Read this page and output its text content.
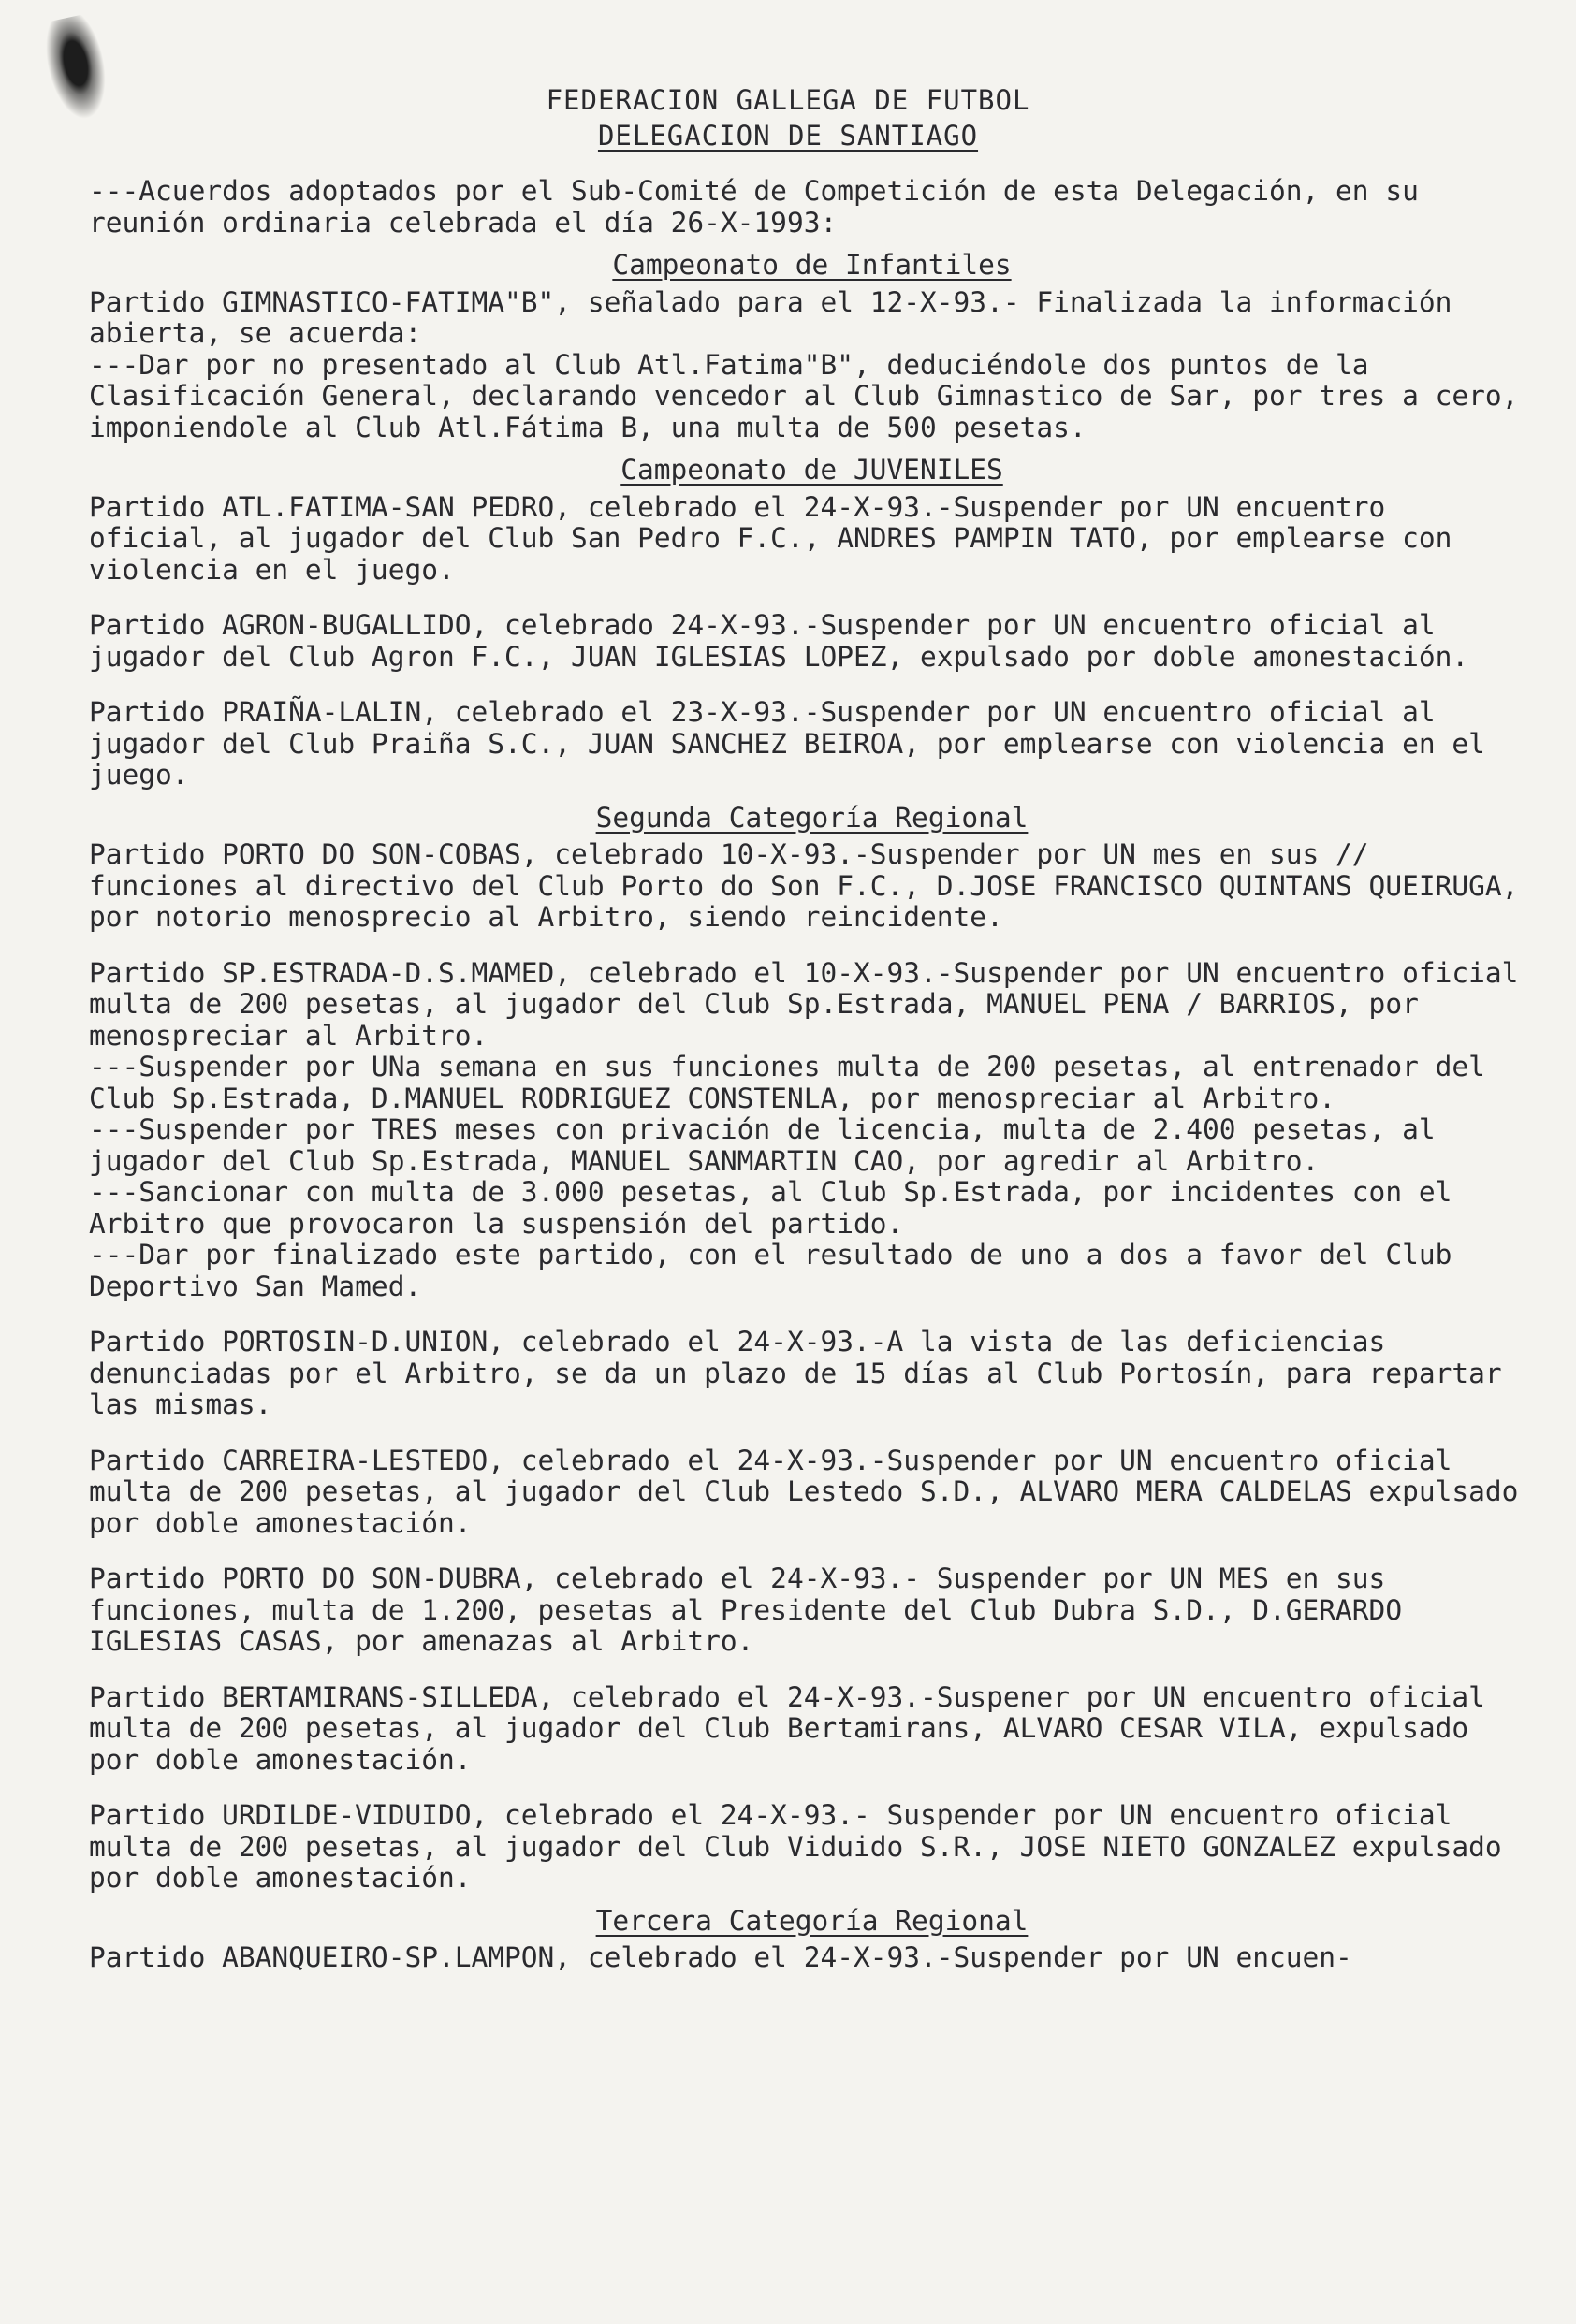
FEDERACION GALLEGA DE FUTBOL
DELEGACION DE SANTIAGO

---Acuerdos adoptados por el Sub-Comité de Competición de esta Delegación, en su reunión ordinaria celebrada el día 26-X-1993:

Campeonato de Infantiles

Partido GIMNASTICO-FATIMA"B", señalado para el 12-X-93.- Finalizada la información abierta, se acuerda:

---Dar por no presentado al Club Atl.Fatima"B", deduciéndole dos puntos de la Clasificación General, declarando vencedor al Club Gimnastico de Sar, por tres a cero, imponiendole al Club Atl.Fátima B, una multa de 500 pesetas.

Campeonato de JUVENILES

Partido ATL.FATIMA-SAN PEDRO, celebrado el 24-X-93.-Suspender por UN encuentro oficial, al jugador del Club San Pedro F.C., ANDRES PAMPIN TATO, por emplearse con violencia en el juego.

Partido AGRON-BUGALLIDO, celebrado 24-X-93.-Suspender por UN encuentro oficial al jugador del Club Agron F.C., JUAN IGLESIAS LOPEZ, expulsado por doble amonestación.

Partido PRAIÑA-LALIN, celebrado el 23-X-93.-Suspender por UN encuentro oficial al jugador del Club Praiña S.C., JUAN SANCHEZ BEIROA, por emplearse con violencia en el juego.

Segunda Categoría Regional

Partido PORTO DO SON-COBAS, celebrado 10-X-93.-Suspender por UN mes en sus // funciones al directivo del Club Porto do Son F.C., D.JOSE FRANCISCO QUINTANS QUEIRUGA, por notorio menosprecio al Arbitro, siendo reincidente.

Partido SP.ESTRADA-D.S.MAMED, celebrado el 10-X-93.-Suspender por UN encuentro oficial multa de 200 pesetas, al jugador del Club Sp.Estrada, MANUEL PENA / BARRIOS, por menospreciar al Arbitro.

---Suspender por UNa semana en sus funciones multa de 200 pesetas, al entrenador del Club Sp.Estrada, D.MANUEL RODRIGUEZ CONSTENLA, por menospreciar al Arbitro.

---Suspender por TRES meses con privación de licencia, multa de 2.400 pesetas, al jugador del Club Sp.Estrada, MANUEL SANMARTIN CAO, por agredir al Arbitro.

---Sancionar con multa de 3.000 pesetas, al Club Sp.Estrada, por incidentes con el Arbitro que provocaron la suspensión del partido.

---Dar por finalizado este partido, con el resultado de uno a dos a favor del Club Deportivo San Mamed.

Partido PORTOSIN-D.UNION, celebrado el 24-X-93.-A la vista de las deficiencias denunciadas por el Arbitro, se da un plazo de 15 días al Club Portosín, para repartar las mismas.

Partido CARREIRA-LESTEDO, celebrado el 24-X-93.-Suspender por UN encuentro oficial multa de 200 pesetas, al jugador del Club Lestedo S.D., ALVARO MERA CALDELAS expulsado por doble amonestación.

Partido PORTO DO SON-DUBRA, celebrado el 24-X-93.- Suspender por UN MES en sus funciones, multa de 1.200, pesetas al Presidente del Club Dubra S.D., D.GERARDO IGLESIAS CASAS, por amenazas al Arbitro.

Partido BERTAMIRANS-SILLEDA, celebrado el 24-X-93.-Suspener por UN encuentro oficial multa de 200 pesetas, al jugador del Club Bertamirans, ALVARO CESAR VILA, expulsado por doble amonestación.

Partido URDILDE-VIDUIDO, celebrado el 24-X-93.- Suspender por UN encuentro oficial multa de 200 pesetas, al jugador del Club Viduido S.R., JOSE NIETO GONZALEZ expulsado por doble amonestación.

Tercera Categoría Regional

Partido ABANQUEIRO-SP.LAMPON, celebrado el 24-X-93.-Suspender por UN encuen-
